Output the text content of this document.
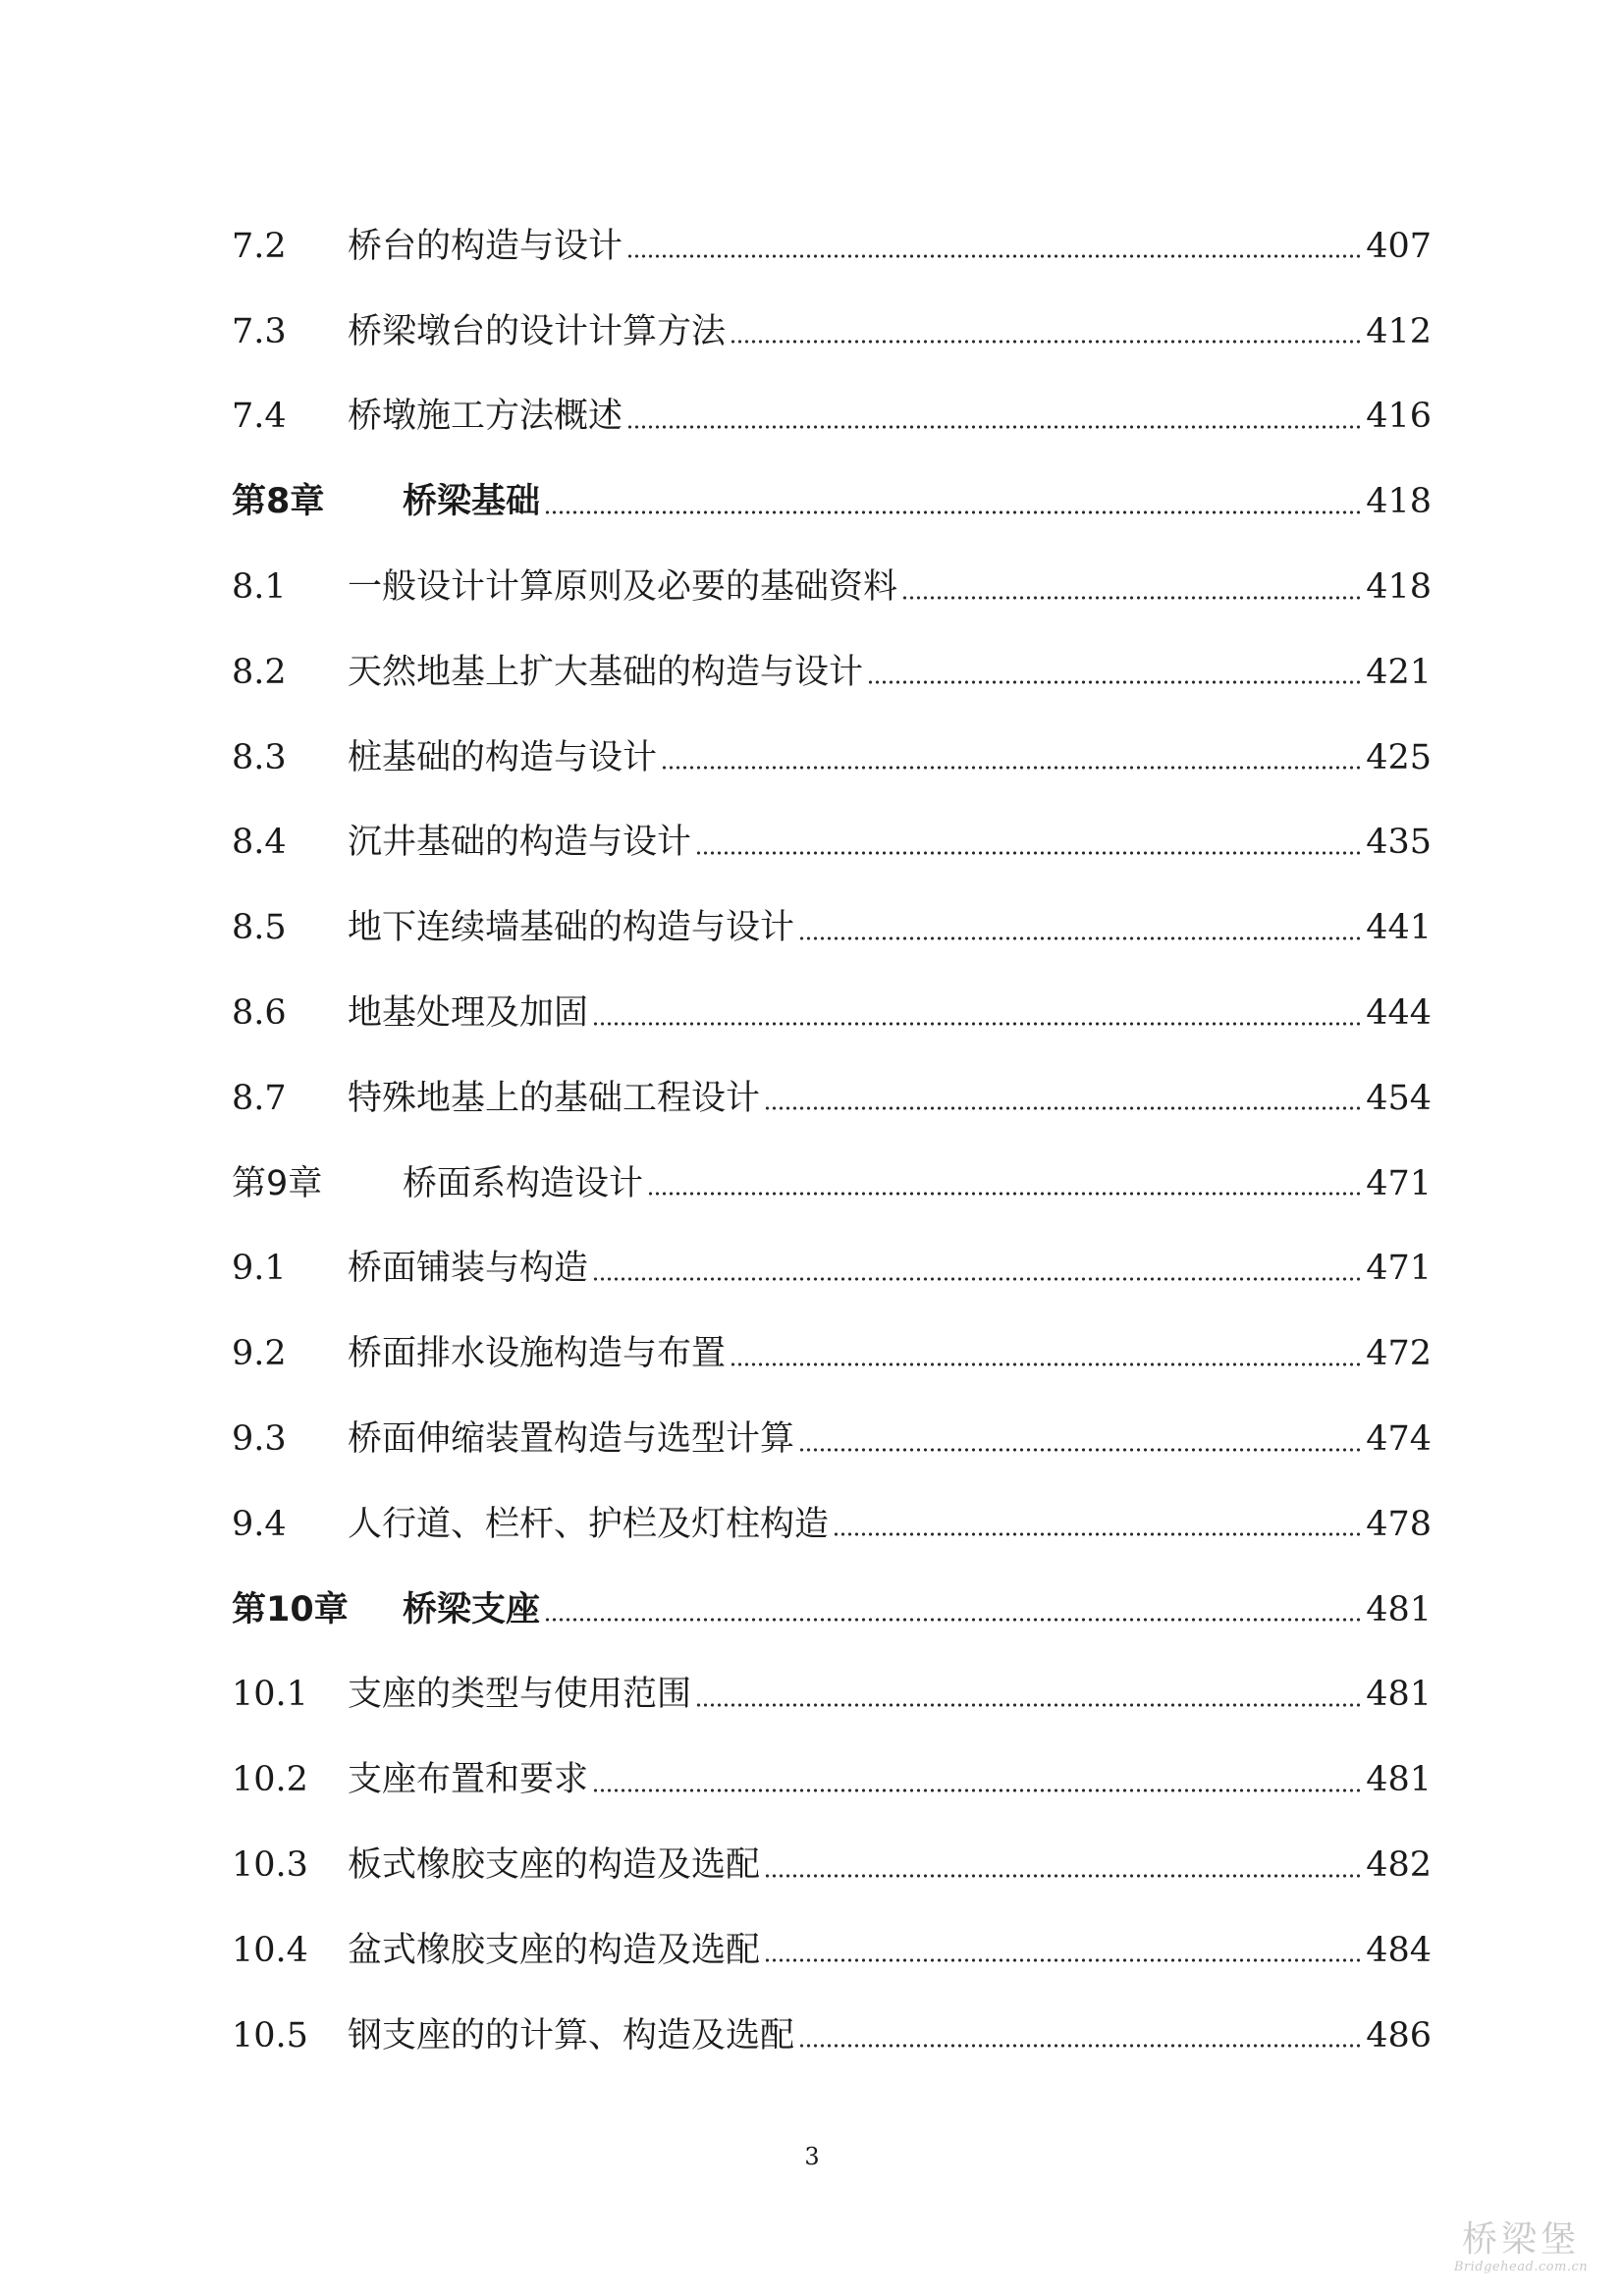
7.2	桥台的构造与设计	407
7.3	桥梁墩台的设计计算方法	412
7.4	桥墩施工方法概述	416
第8章	桥梁基础	418
8.1	一般设计计算原则及必要的基础资料	418
8.2	天然地基上扩大基础的构造与设计	421
8.3	桩基础的构造与设计	425
8.4	沉井基础的构造与设计	435
8.5	地下连续墙基础的构造与设计	441
8.6	地基处理及加固	444
8.7	特殊地基上的基础工程设计	454
第9章	桥面系构造设计	471
9.1	桥面铺装与构造	471
9.2	桥面排水设施构造与布置	472
9.3	桥面伸缩装置构造与选型计算	474
9.4	人行道、栏杆、护栏及灯柱构造	478
第10章	桥梁支座	481
10.1	支座的类型与使用范围	481
10.2	支座布置和要求	481
10.3	板式橡胶支座的构造及选配	482
10.4	盆式橡胶支座的构造及选配	484
10.5	钢支座的的计算、构造及选配	486
3
桥梁堡
Bridgehead.com.cn
